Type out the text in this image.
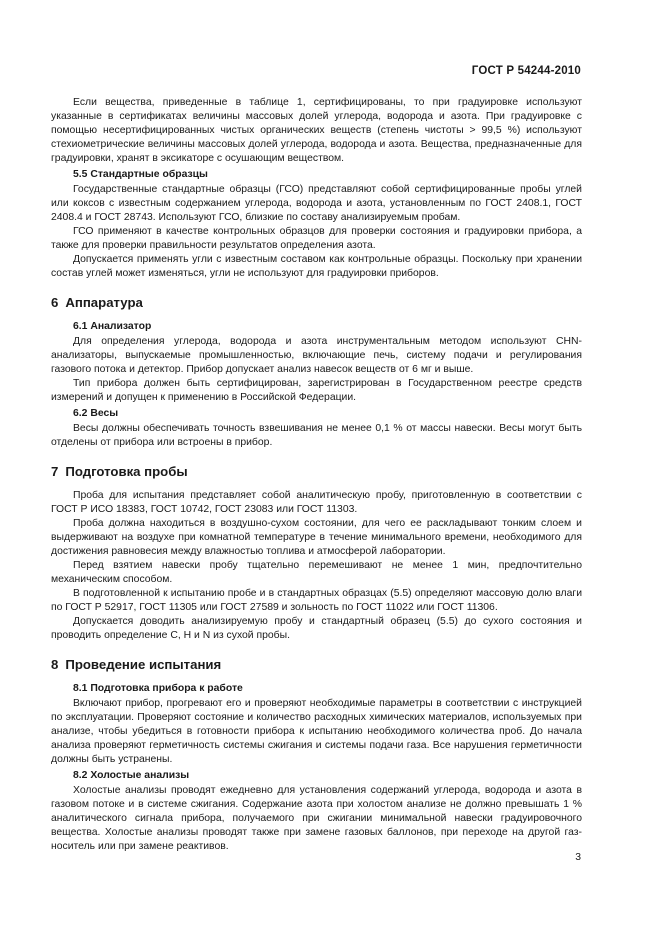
ГОСТ Р 54244-2010

Если вещества, приведенные в таблице 1, сертифицированы, то при градуировке используют указанные в сертификатах величины массовых долей углерода, водорода и азота. При градуировке с помощью несертифицированных чистых органических веществ (степень чистоты > 99,5 %) используют стехиометрические величины массовых долей углерода, водорода и азота. Вещества, предназначенные для градуировки, хранят в эксикаторе с осушающим веществом.

5.5 Стандартные образцы

Государственные стандартные образцы (ГСО) представляют собой сертифицированные пробы углей или коксов с известным содержанием углерода, водорода и азота, установленным по ГОСТ 2408.1, ГОСТ 2408.4 и ГОСТ 28743. Используют ГСО, близкие по составу анализируемым пробам.

ГСО применяют в качестве контрольных образцов для проверки состояния и градуировки прибора, а также для проверки правильности результатов определения азота.

Допускается применять угли с известным составом как контрольные образцы. Поскольку при хранении состав углей может изменяться, угли не используют для градуировки приборов.

6 Аппаратура
6.1 Анализатор

Для определения углерода, водорода и азота инструментальным методом используют CHN-анализаторы, выпускаемые промышленностью, включающие печь, систему подачи и регулирования газового потока и детектор. Прибор допускает анализ навесок веществ от 6 мг и выше.

Тип прибора должен быть сертифицирован, зарегистрирован в Государственном реестре средств измерений и допущен к применению в Российской Федерации.

6.2 Весы

Весы должны обеспечивать точность взвешивания не менее 0,1 % от массы навески. Весы могут быть отделены от прибора или встроены в прибор.

7 Подготовка пробы

Проба для испытания представляет собой аналитическую пробу, приготовленную в соответствии с ГОСТ Р ИСО 18383, ГОСТ 10742, ГОСТ 23083 или ГОСТ 11303.

Проба должна находиться в воздушно-сухом состоянии, для чего ее раскладывают тонким слоем и выдерживают на воздухе при комнатной температуре в течение минимального времени, необходимого для достижения равновесия между влажностью топлива и атмосферой лаборатории.

Перед взятием навески пробу тщательно перемешивают не менее 1 мин, предпочтительно механическим способом.

В подготовленной к испытанию пробе и в стандартных образцах (5.5) определяют массовую долю влаги по ГОСТ Р 52917, ГОСТ 11305 или ГОСТ 27589 и зольность по ГОСТ 11022 или ГОСТ 11306.

Допускается доводить анализируемую пробу и стандартный образец (5.5) до сухого состояния и проводить определение С, Н и N из сухой пробы.

8 Проведение испытания
8.1 Подготовка прибора к работе

Включают прибор, прогревают его и проверяют необходимые параметры в соответствии с инструкцией по эксплуатации. Проверяют состояние и количество расходных химических материалов, используемых при анализе, чтобы убедиться в готовности прибора к испытанию необходимого количества проб. До начала анализа проверяют герметичность системы сжигания и системы подачи газа. Все нарушения герметичности должны быть устранены.

8.2 Холостые анализы

Холостые анализы проводят ежедневно для установления содержаний углерода, водорода и азота в газовом потоке и в системе сжигания. Содержание азота при холостом анализе не должно превышать 1 % аналитического сигнала прибора, получаемого при сжигании минимальной навески градуировочного вещества. Холостые анализы проводят также при замене газовых баллонов, при переходе на другой газ-носитель или при замене реактивов.

3
